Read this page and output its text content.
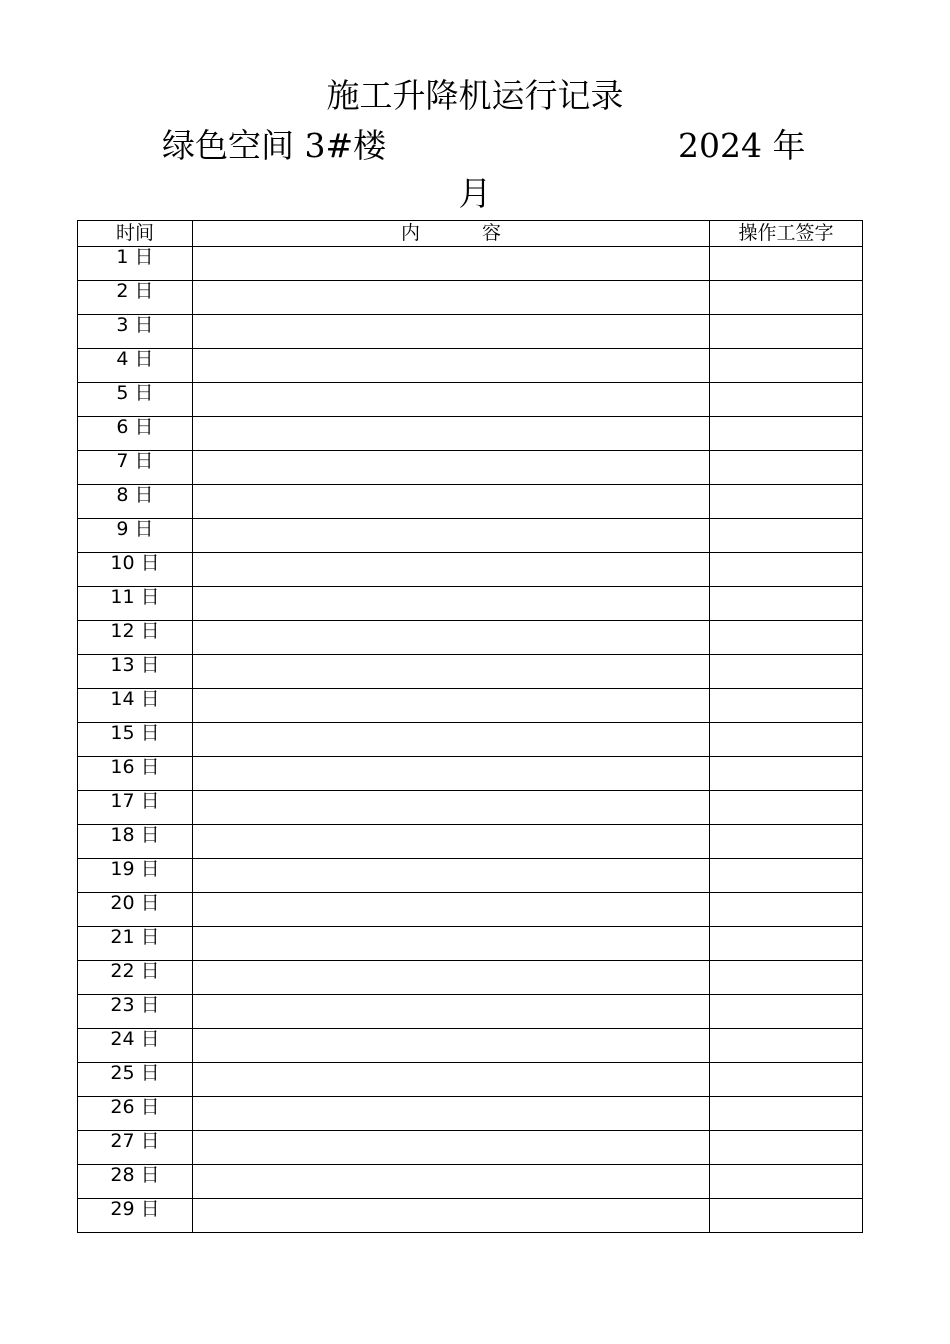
施工升降机运行记录
绿色空间 3#楼	2024 年
月
时间	内 容	操作工签字
1 日		
2 日		
3 日		
4 日		
5 日		
6 日		
7 日		
8 日		
9 日		
10 日		
11 日		
12 日		
13 日		
14 日		
15 日		
16 日		
17 日		
18 日		
19 日		
20 日		
21 日		
22 日		
23 日		
24 日		
25 日		
26 日		
27 日		
28 日		
29 日		
